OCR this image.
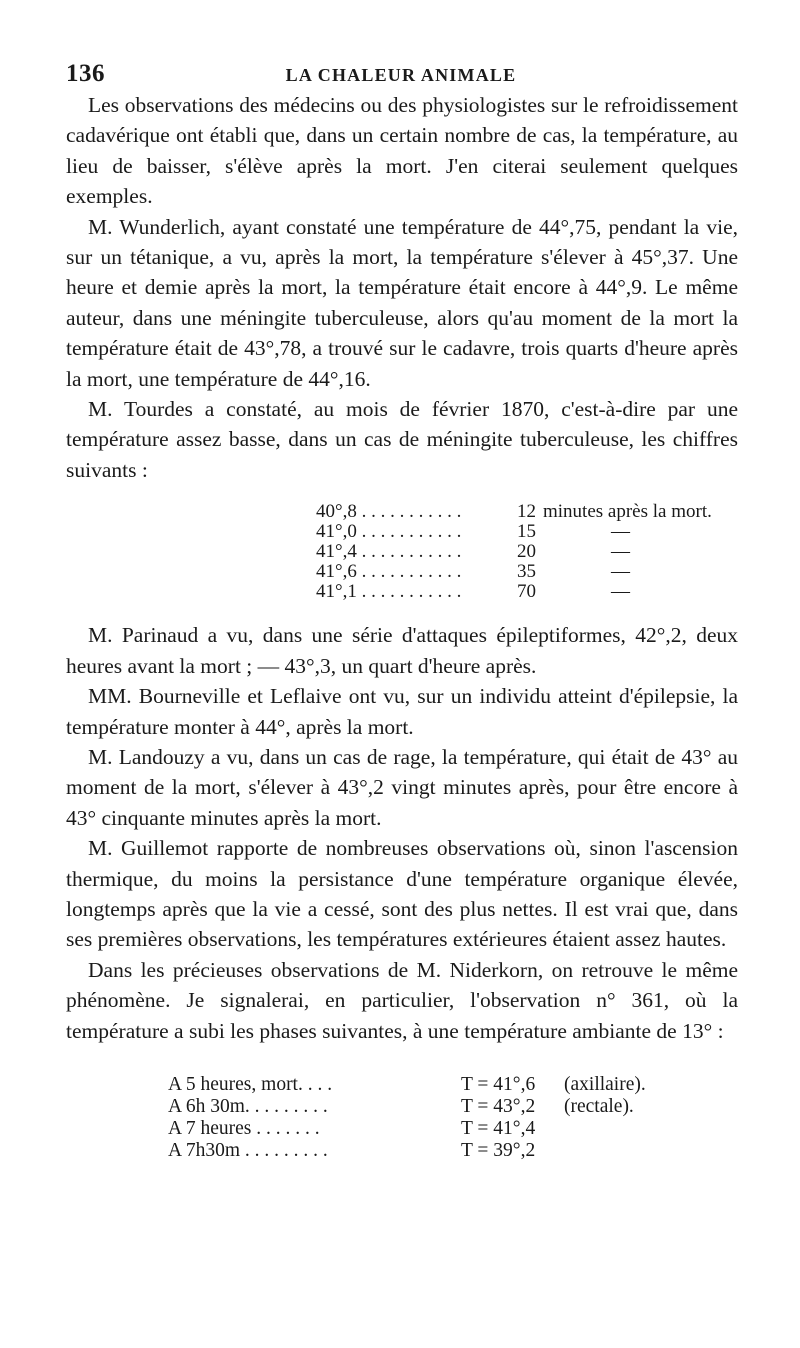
136	LA CHALEUR ANIMALE

Les observations des médecins ou des physiologistes sur le refroidissement cadavérique ont établi que, dans un certain nombre de cas, la température, au lieu de baisser, s'élève après la mort. J'en citerai seulement quelques exemples.

M. Wunderlich, ayant constaté une température de 44°,75, pendant la vie, sur un tétanique, a vu, après la mort, la température s'élever à 45°,37. Une heure et demie après la mort, la température était encore à 44°,9. Le même auteur, dans une méningite tuberculeuse, alors qu'au moment de la mort la température était de 43°,78, a trouvé sur le cadavre, trois quarts d'heure après la mort, une température de 44°,16.

M. Tourdes a constaté, au mois de février 1870, c'est-à-dire par une température assez basse, dans un cas de méningite tuberculeuse, les chiffres suivants :

40°,8 . . . . . . . . . . .	12 minutes après la mort.
41°,0 . . . . . . . . . . .	15	—
41°,4 . . . . . . . . . . .	20	—
41°,6 . . . . . . . . . . .	35	—
41°,1 . . . . . . . . . . .	70	—

M. Parinaud a vu, dans une série d'attaques épileptiformes, 42°,2, deux heures avant la mort ; — 43°,3, un quart d'heure après.

MM. Bourneville et Leflaive ont vu, sur un individu atteint d'épilepsie, la température monter à 44°, après la mort.

M. Landouzy a vu, dans un cas de rage, la température, qui était de 43° au moment de la mort, s'élever à 43°,2 vingt minutes après, pour être encore à 43° cinquante minutes après la mort.

M. Guillemot rapporte de nombreuses observations où, sinon l'ascension thermique, du moins la persistance d'une température organique élevée, longtemps après que la vie a cessé, sont des plus nettes. Il est vrai que, dans ses premières observations, les températures extérieures étaient assez hautes.

Dans les précieuses observations de M. Niderkorn, on retrouve le même phénomène. Je signalerai, en particulier, l'observation n° 361, où la température a subi les phases suivantes, à une température ambiante de 13° :

A 5 heures, mort. . . .	T = 41°,6	(axillaire).
A 6h 30m. . . . . . . . .	T = 43°,2	(rectale).
A 7 heures . . . . . . .	T = 41°,4
A 7h30m . . . . . . . . .	T = 39°,2
